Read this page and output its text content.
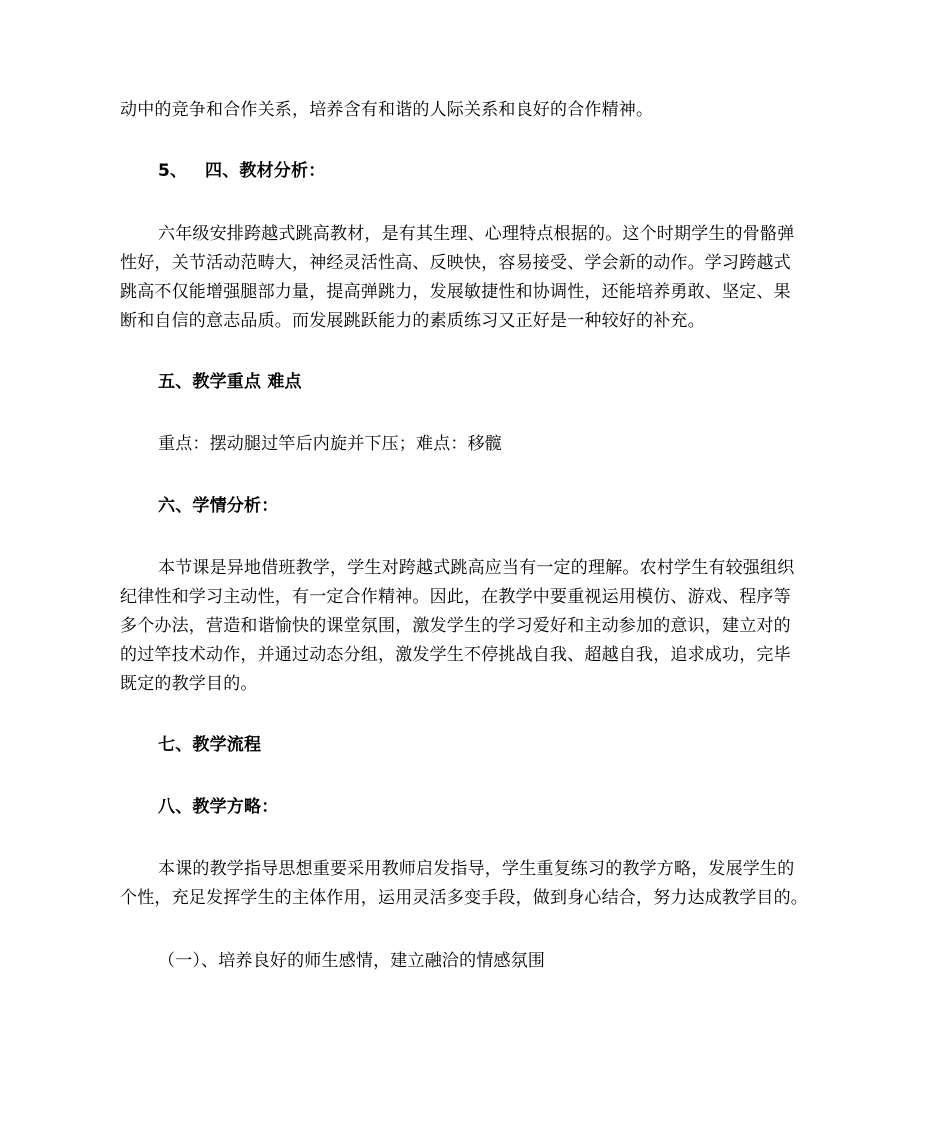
动中的竞争和合作关系，培养含有和谐的人际关系和良好的合作精神。
5、 四、教材分析：
六年级安排跨越式跳高教材，是有其生理、心理特点根据的。这个时期学生的骨骼弹
性好，关节活动范畴大，神经灵活性高、反映快，容易接受、学会新的动作。学习跨越式
跳高不仅能增强腿部力量，提高弹跳力，发展敏捷性和协调性，还能培养勇敢、坚定、果
断和自信的意志品质。而发展跳跃能力的素质练习又正好是一种较好的补充。
五、教学重点 难点
重点：摆动腿过竿后内旋并下压；难点：移髋
六、学情分析：
本节课是异地借班教学，学生对跨越式跳高应当有一定的理解。农村学生有较强组织
纪律性和学习主动性，有一定合作精神。因此，在教学中要重视运用模仿、游戏、程序等
多个办法，营造和谐愉快的课堂氛围，激发学生的学习爱好和主动参加的意识，建立对的
的过竿技术动作，并通过动态分组，激发学生不停挑战自我、超越自我，追求成功，完毕
既定的教学目的。
七、教学流程
八、教学方略：
本课的教学指导思想重要采用教师启发指导，学生重复练习的教学方略，发展学生的
个性，充足发挥学生的主体作用，运用灵活多变手段，做到身心结合，努力达成教学目的。
（一）、培养良好的师生感情，建立融洽的情感氛围
